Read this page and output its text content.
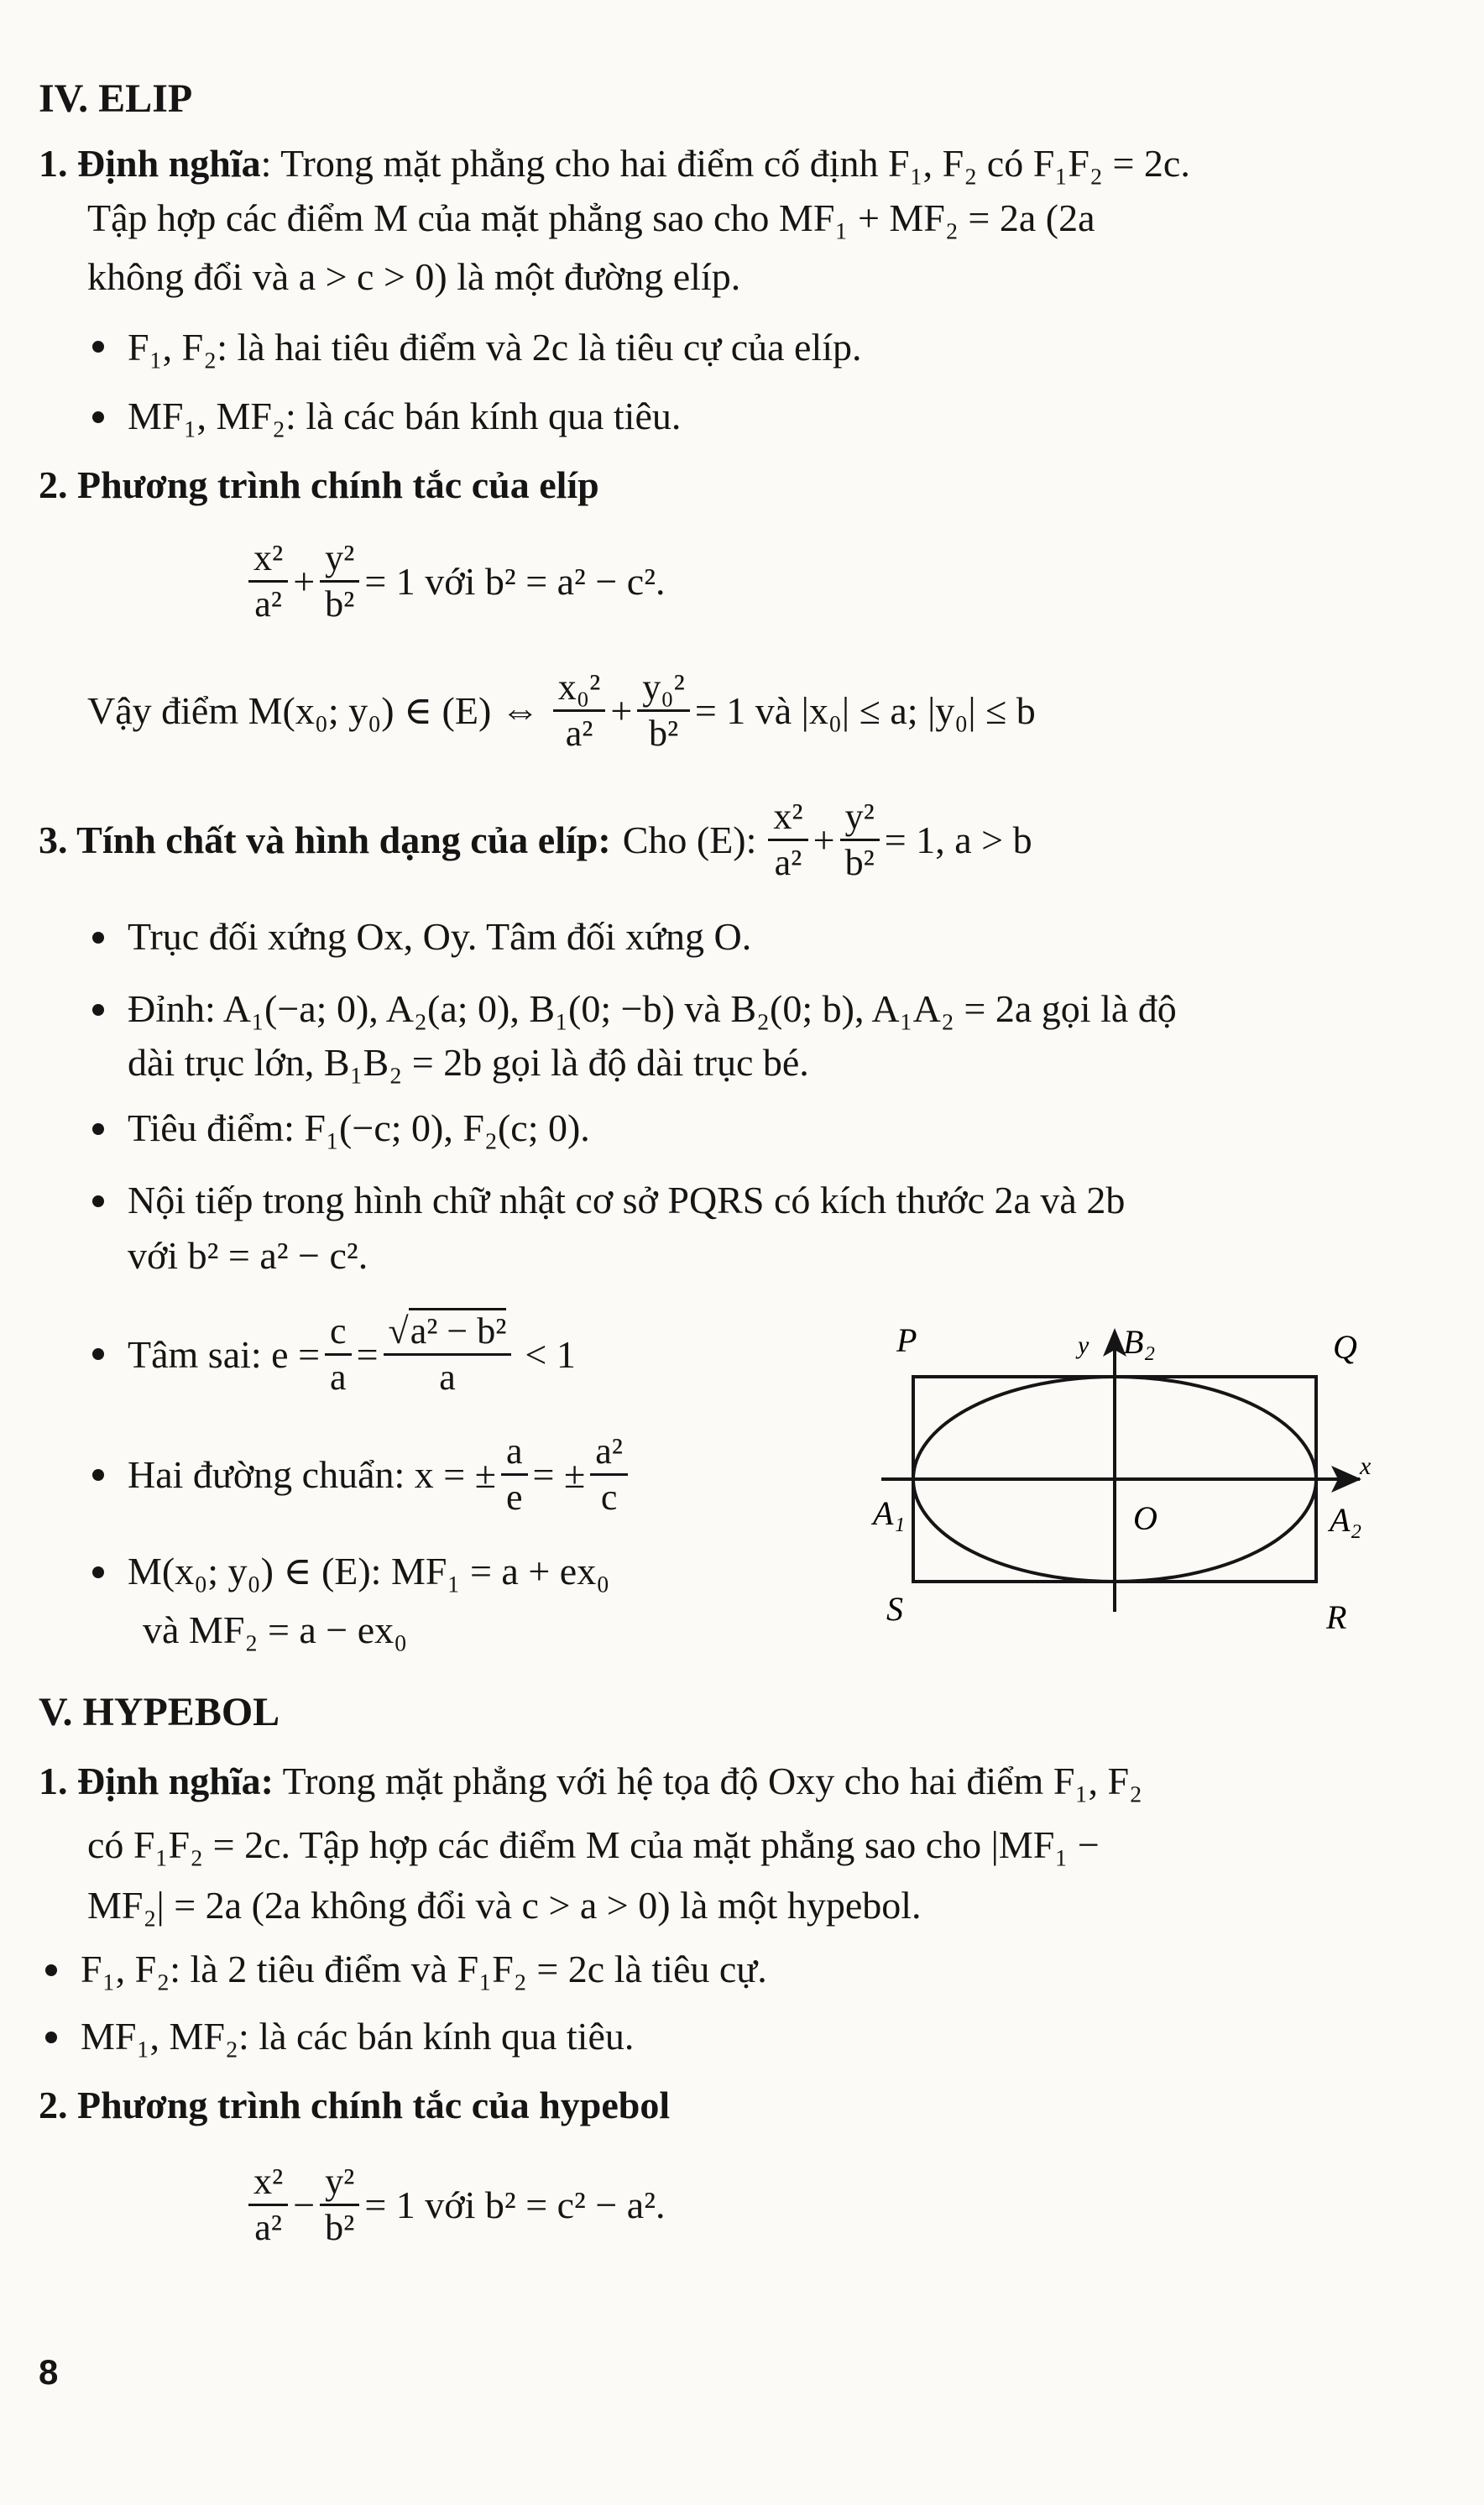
IV. ELIP
1. Định nghĩa: Trong mặt phẳng cho hai điểm cố định F₁, F₂ có F₁F₂ = 2c.
Tập hợp các điểm M của mặt phẳng sao cho MF₁ + MF₂ = 2a (2a
không đổi và a > c > 0) là một đường elíp.
F₁, F₂: là hai tiêu điểm và 2c là tiêu cự của elíp.
MF₁, MF₂: là các bán kính qua tiêu.
2. Phương trình chính tắc của elíp
$\frac{\text{x²}}{\text{a²}} + \frac{\text{y²}}{\text{b²}} = 1$ với b² = a² − c².
Vậy điểm M(x₀; y₀) ∈ (E) ⇔ $\frac{\text{x₀²}}{\text{a²}} + \frac{\text{y₀²}}{\text{b²}} = 1$ và |x₀| ≤ a; |y₀| ≤ b
3. Tính chất và hình dạng của elíp: Cho (E): $\frac{\text{x²}}{\text{a²}} + \frac{\text{y²}}{\text{b²}} = 1$, a > b
Trục đối xứng Ox, Oy. Tâm đối xứng O.
Đỉnh: A₁(−a; 0), A₂(a; 0), B₁(0; −b) và B₂(0; b), A₁A₂ = 2a gọi là độ
dài trục lớn, B₁B₂ = 2b gọi là độ dài trục bé.
Tiêu điểm: F₁(−c; 0), F₂(c; 0).
Nội tiếp trong hình chữ nhật cơ sở PQRS có kích thước 2a và 2b
với b² = a² − c².
Tâm sai: $e = \frac{c}{a} = \frac{\text{√a² − b²}}{a} < 1$
Hai đường chuẩn: x = ± $\frac{a}{e}$ = ± $\frac{\text{a²}}{c}$
M(x₀; y₀) ∈ (E): MF₁ = a + ex₀
và MF₂ = a − ex₀
P	Q
R
S
B₂
y
x
A₁	A₂
O
V. HYPEBOL
1. Định nghĩa: Trong mặt phẳng với hệ tọa độ Oxy cho hai điểm F₁, F₂
có F₁F₂ = 2c. Tập hợp các điểm M của mặt phẳng sao cho |MF₁ −
MF₂| = 2a (2a không đổi và c > a > 0) là một hypebol.
F₁, F₂: là 2 tiêu điểm và F₁F₂ = 2c là tiêu cự.
MF₁, MF₂: là các bán kính qua tiêu.
2. Phương trình chính tắc của hypebol
$\frac{\text{x²}}{\text{a²}} - \frac{\text{y²}}{\text{b²}} = 1$ với b² = c² − a².
8
